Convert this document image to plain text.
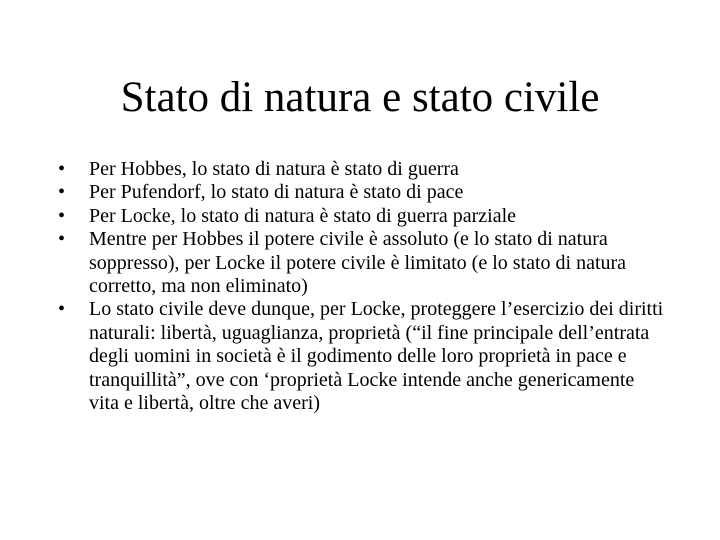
Stato di natura e stato civile
•	Per Hobbes, lo stato di natura è stato di guerra
•	Per Pufendorf, lo stato di natura è stato di pace
•	Per Locke, lo stato di natura è stato di guerra parziale
•	Mentre per Hobbes il potere civile è assoluto (e lo stato di natura soppresso), per Locke il potere civile è limitato (e lo stato di natura corretto, ma non eliminato)
•	Lo stato civile deve dunque, per Locke, proteggere l’esercizio dei diritti naturali: libertà, uguaglianza, proprietà (“il fine principale dell’entrata degli uomini in società è il godimento delle loro proprietà in pace e tranquillità”, ove con ‘proprietà Locke intende anche genericamente vita e libertà, oltre che averi)
